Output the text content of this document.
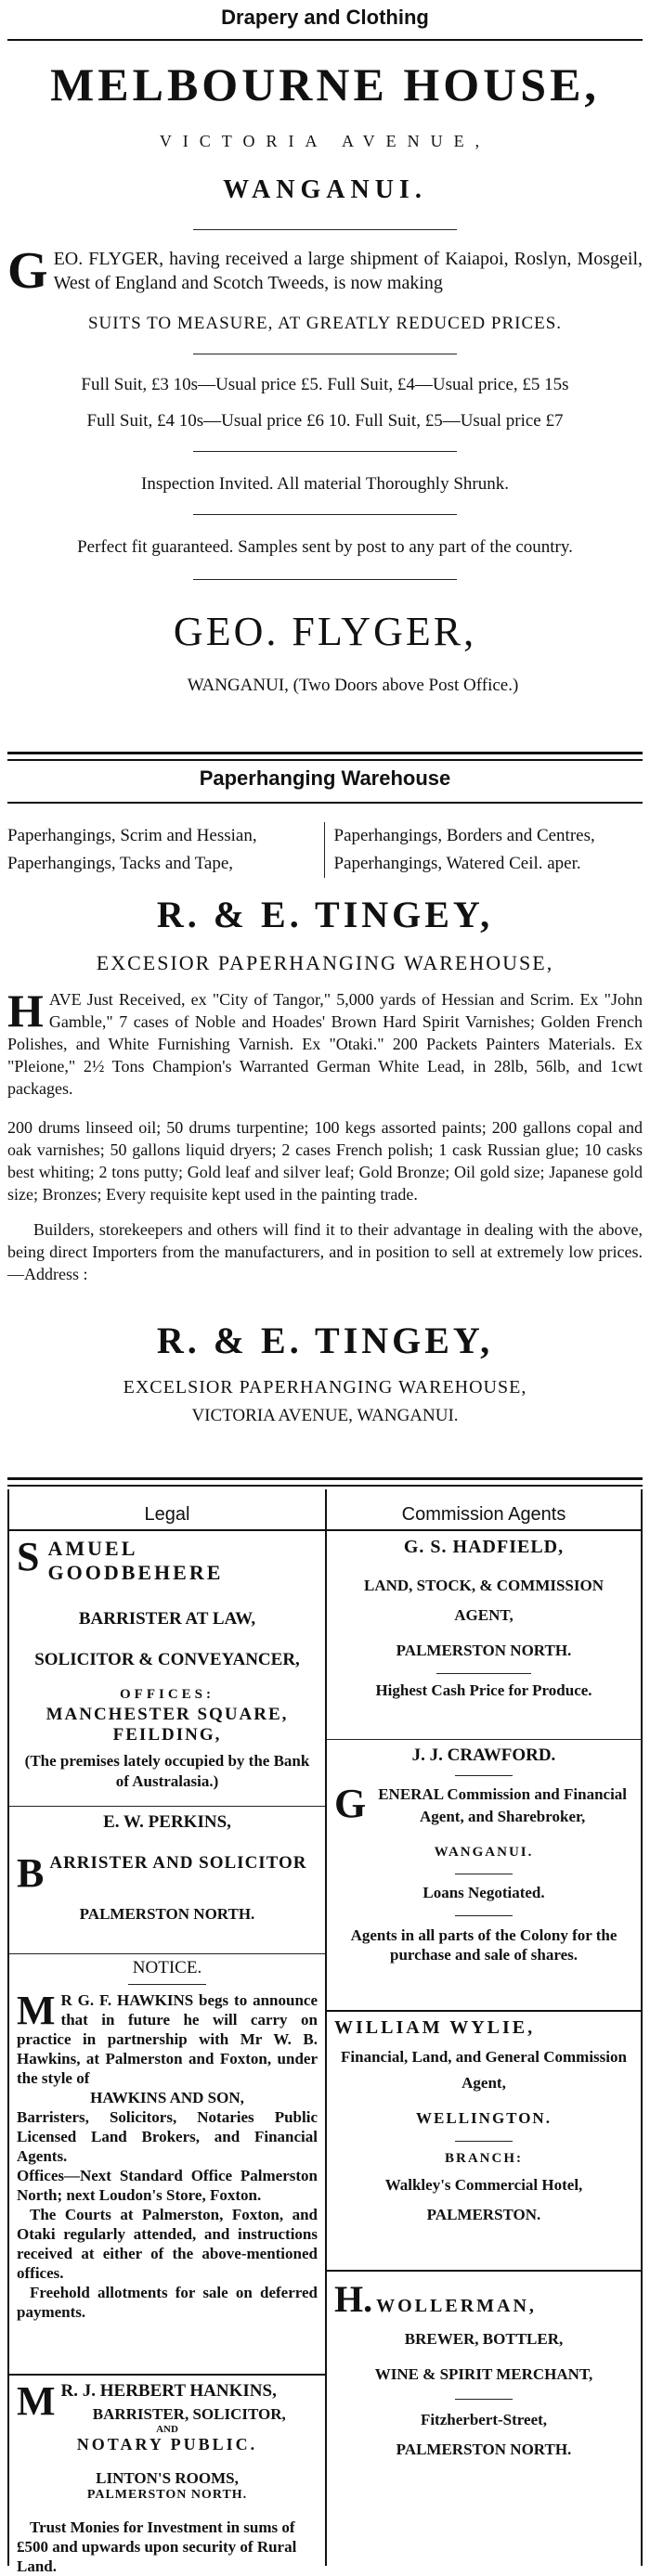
Drapery and Clothing
MELBOURNE HOUSE,
VICTORIA AVENUE,
WANGANUI.
GEO. FLYGER, having received a large shipment of Kaiapoi, Roslyn, Mosgeil, West of England and Scotch Tweeds, is now making
SUITS TO MEASURE, AT GREATLY REDUCED PRICES.
Full Suit, £3 10s—Usual price £5. Full Suit, £4—Usual price, £5 15s
Full Suit, £4 10s—Usual price £6 10. Full Suit, £5—Usual price £7
Inspection Invited. All material Thoroughly Shrunk.
Perfect fit guaranteed. Samples sent by post to any part of the country.
GEO. FLYGER,
WANGANUI, (Two Doors above Post Office.)
Paperhanging Warehouse
Paperhangings, Scrim and Hessian,
Paperhangings, Tacks and Tape,
Paperhangings, Borders and Centres,
Paperhangings, Watered Ceil. aper.
R. & E. TINGEY,
EXCESIOR PAPERHANGING WAREHOUSE,
HAVE Just Received, ex "City of Tangor," 5,000 yards of Hessian and Scrim. Ex "John Gamble," 7 cases of Noble and Hoades' Brown Hard Spirit Varnishes; Golden French Polishes, and White Furnishing Varnish. Ex "Otaki." 200 Packets Painters Materials. Ex "Pleione," 2½ Tons Champion's Warranted German White Lead, in 28lb, 56lb, and 1cwt packages.
200 drums linseed oil; 50 drums turpentine; 100 kegs assorted paints; 200 gallons copal and oak varnishes; 50 gallons liquid dryers; 2 cases French polish; 1 cask Russian glue; 10 casks best whiting; 2 tons putty; Gold leaf and silver leaf; Gold Bronze; Oil gold size; Japanese gold size; Bronzes; Every requisite kept used in the painting trade.
Builders, storekeepers and others will find it to their advantage in dealing with the above, being direct Importers from the manufacturers, and in position to sell at extremely low prices.—Address :
R. & E. TINGEY,
EXCELSIOR PAPERHANGING WAREHOUSE,
VICTORIA AVENUE, WANGANUI.
Legal
SAMUEL GOODBEHERE
BARRISTER AT LAW,
SOLICITOR & CONVEYANCER,
OFFICES:
MANCHESTER SQUARE, FEILDING,
(The premises lately occupied by the Bank of Australasia.)
E. W. PERKINS,
BARRISTER AND SOLICITOR
PALMERSTON NORTH.
NOTICE.
M R G. F. HAWKINS begs to announce that in future he will carry on practice in partnership with Mr W. B. Hawkins, at Palmerston and Foxton, under the style of
HAWKINS AND SON,
Barristers, Solicitors, Notaries Public Licensed Land Brokers, and Financial Agents.
Offices—Next Standard Office Palmerston North; next Loudon's Store, Foxton.
The Courts at Palmerston, Foxton, and Otaki regularly attended, and instructions received at either of the above-mentioned offices.
Freehold allotments for sale on deferred payments.
M R. J. HERBERT HANKINS,
BARRISTER, SOLICITOR,
AND
NOTARY PUBLIC.
LINTON'S ROOMS,
PALMERSTON NORTH.
Trust Monies for Investment in sums of £500 and upwards upon security of Rural Land.
Commission Agents
G. S. HADFIELD,
LAND, STOCK, & COMMISSION
AGENT,
PALMERSTON NORTH.
Highest Cash Price for Produce.
J. J. CRAWFORD.
GENERAL Commission and Financial Agent, and Sharebroker,
WANGANUI.
Loans Negotiated.
Agents in all parts of the Colony for the purchase and sale of shares.
WILLIAM WYLIE,
Financial, Land, and General Commission Agent,
WELLINGTON.
BRANCH:
Walkley's Commercial Hotel,
PALMERSTON.
H. WOLLERMAN,
BREWER, BOTTLER,
WINE & SPIRIT MERCHANT,
Fitzherbert-Street,
PALMERSTON NORTH.
